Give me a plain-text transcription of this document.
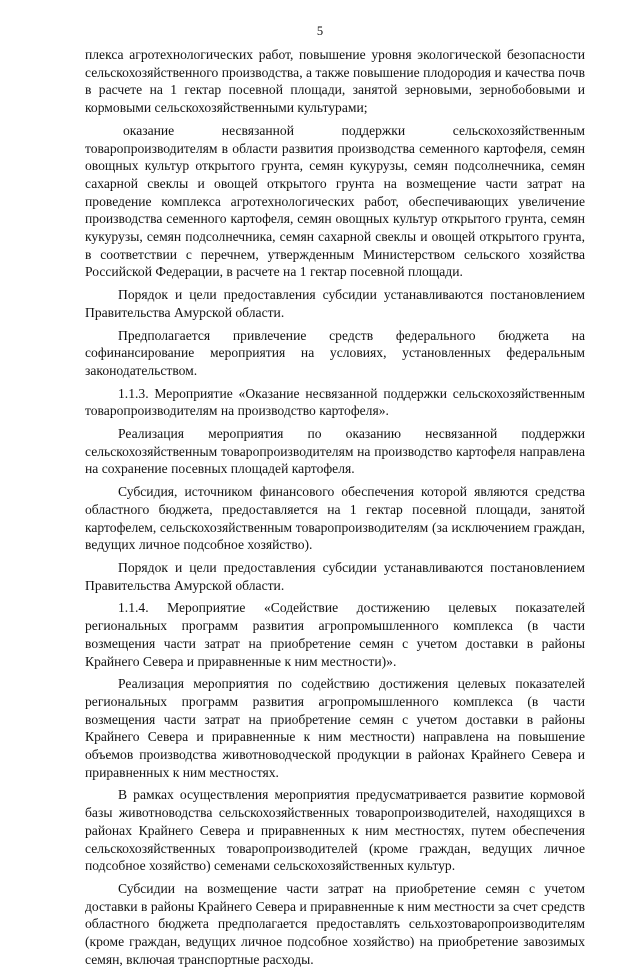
5

плекса агротехнологических работ, повышение уровня экологической безопасности сельскохозяйственного производства, а также повышение плодородия и качества почв в расчете на 1 гектар посевной площади, занятой зерновыми, зернобобовыми и кормовыми сельскохозяйственными культурами;

оказание несвязанной поддержки сельскохозяйственным товаропроизводителям в области развития производства семенного картофеля, семян овощных культур открытого грунта, семян кукурузы, семян подсолнечника, семян сахарной свеклы и овощей открытого грунта на возмещение части затрат на проведение комплекса агротехнологических работ, обеспечивающих увеличение производства семенного картофеля, семян овощных культур открытого грунта, семян кукурузы, семян подсолнечника, семян сахарной свеклы и овощей открытого грунта, в соответствии с перечнем, утвержденным Министерством сельского хозяйства Российской Федерации, в расчете на 1 гектар посевной площади.

Порядок и цели предоставления субсидии устанавливаются постановлением Правительства Амурской области.

Предполагается привлечение средств федерального бюджета на софинансирование мероприятия на условиях, установленных федеральным законодательством.

1.1.3. Мероприятие «Оказание несвязанной поддержки сельскохозяйственным товаропроизводителям на производство картофеля».

Реализация мероприятия по оказанию несвязанной поддержки сельскохозяйственным товаропроизводителям на производство картофеля направлена на сохранение посевных площадей картофеля.

Субсидия, источником финансового обеспечения которой являются средства областного бюджета, предоставляется на 1 гектар посевной площади, занятой картофелем, сельскохозяйственным товаропроизводителям (за исключением граждан, ведущих личное подсобное хозяйство).

Порядок и цели предоставления субсидии устанавливаются постановлением Правительства Амурской области.

1.1.4. Мероприятие «Содействие достижению целевых показателей региональных программ развития агропромышленного комплекса (в части возмещения части затрат на приобретение семян с учетом доставки в районы Крайнего Севера и приравненные к ним местности)».

Реализация мероприятия по содействию достижения целевых показателей региональных программ развития агропромышленного комплекса (в части возмещения части затрат на приобретение семян с учетом доставки в районы Крайнего Севера и приравненные к ним местности) направлена на повышение объемов производства животноводческой продукции в районах Крайнего Севера и приравненных к ним местностях.

В рамках осуществления мероприятия предусматривается развитие кормовой базы животноводства сельскохозяйственных товаропроизводителей, находящихся в районах Крайнего Севера и приравненных к ним местностях, путем обеспечения сельскохозяйственных товаропроизводителей (кроме граждан, ведущих личное подсобное хозяйство) семенами сельскохозяйственных культур.

Субсидии на возмещение части затрат на приобретение семян с учетом доставки в районы Крайнего Севера и приравненные к ним местности за счет средств областного бюджета предполагается предоставлять сельхозтоваропроизводителям (кроме граждан, ведущих личное подсобное хозяйство) на приобретение завозимых семян, включая транспортные расходы.
